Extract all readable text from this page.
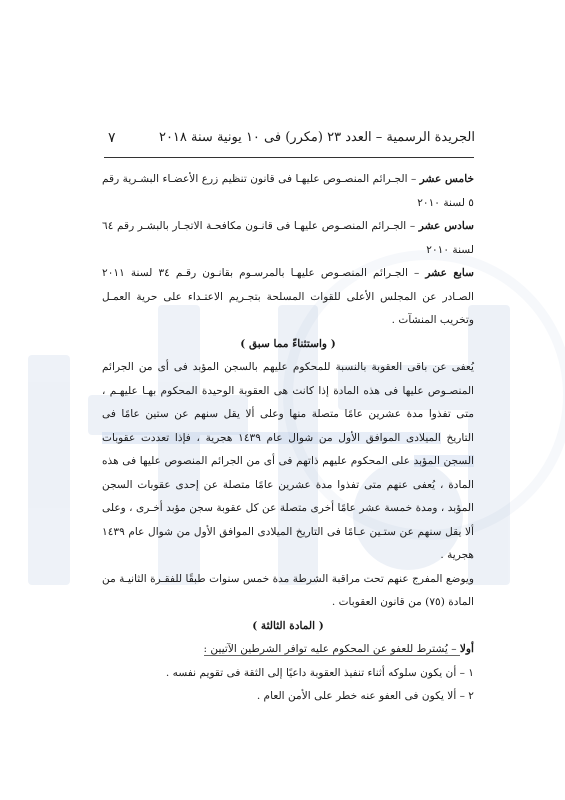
الجريدة الرسمية – العدد ٢٣ (مكرر) فى ١٠ يونية سنة ٢٠١٨
٧

خامس عشر – الجـرائم المنصـوص عليهـا فى قانون تنظيم زرع الأعضـاء البشـرية رقم ٥ لسنة ٢٠١٠

سادس عشر – الجـرائم المنصـوص عليهـا فى قانـون مكافحـة الاتجـار بالبشـر رقم ٦٤ لسنة ٢٠١٠

سابع عشر – الجـرائم المنصـوص عليهـا بالمرسـوم بقانـون رقـم ٣٤ لسنة ٢٠١١ الصـادر عن المجلس الأعلى للقوات المسلحة بتجـريم الاعتـداء على حرية العمـل وتخريب المنشآت .

( واستثناءً مما سبق )

يُعفى عن باقى العقوبة بالنسبة للمحكوم عليهم بالسجن المؤبد فى أى من الجرائم المنصـوص عليها فى هذه المادة إذا كانت هى العقوبة الوحيدة المحكوم بهـا عليهـم ، متى تفذوا مدة عشرين عامًا متصلة منها وعلى ألا يقل سنهم عن ستين عامًا فى التاريخ الميلادى الموافق الأول من شوال عام ١٤٣٩ هجرية ، فإذا تعددت عقوبات السجن المؤبد على المحكوم عليهم ذاتهم فى أى من الجرائم المنصوص عليها فى هذه المادة ، يُعفى عنهم متى تفذوا مدة عشرين عامًا متصلة عن إحدى عقوبات السجن المؤبد ، ومدة خمسة عشر عامًا أخرى متصلة عن كل عقوبة سجن مؤبد أخـرى ، وعلى ألا يقل سنهم عن ستـين عـامًا فى التاريخ الميلادى الموافق الأول من شوال عام ١٤٣٩ هجرية .

ويوضع المفرج عنهم تحت مراقبة الشرطة مدة خمس سنوات طبقًا للفقـرة الثانيـة من المادة (٧٥) من قانون العقوبات .

( المادة الثالثة )

أولا – يُشترط للعفو عن المحكوم عليه توافر الشرطين الآتيين :

١ – أن يكون سلوكه أثناء تنفيذ العقوبة داعيًا إلى الثقة فى تقويم نفسه .

٢ – ألا يكون فى العفو عنه خطر على الأمن العام .
